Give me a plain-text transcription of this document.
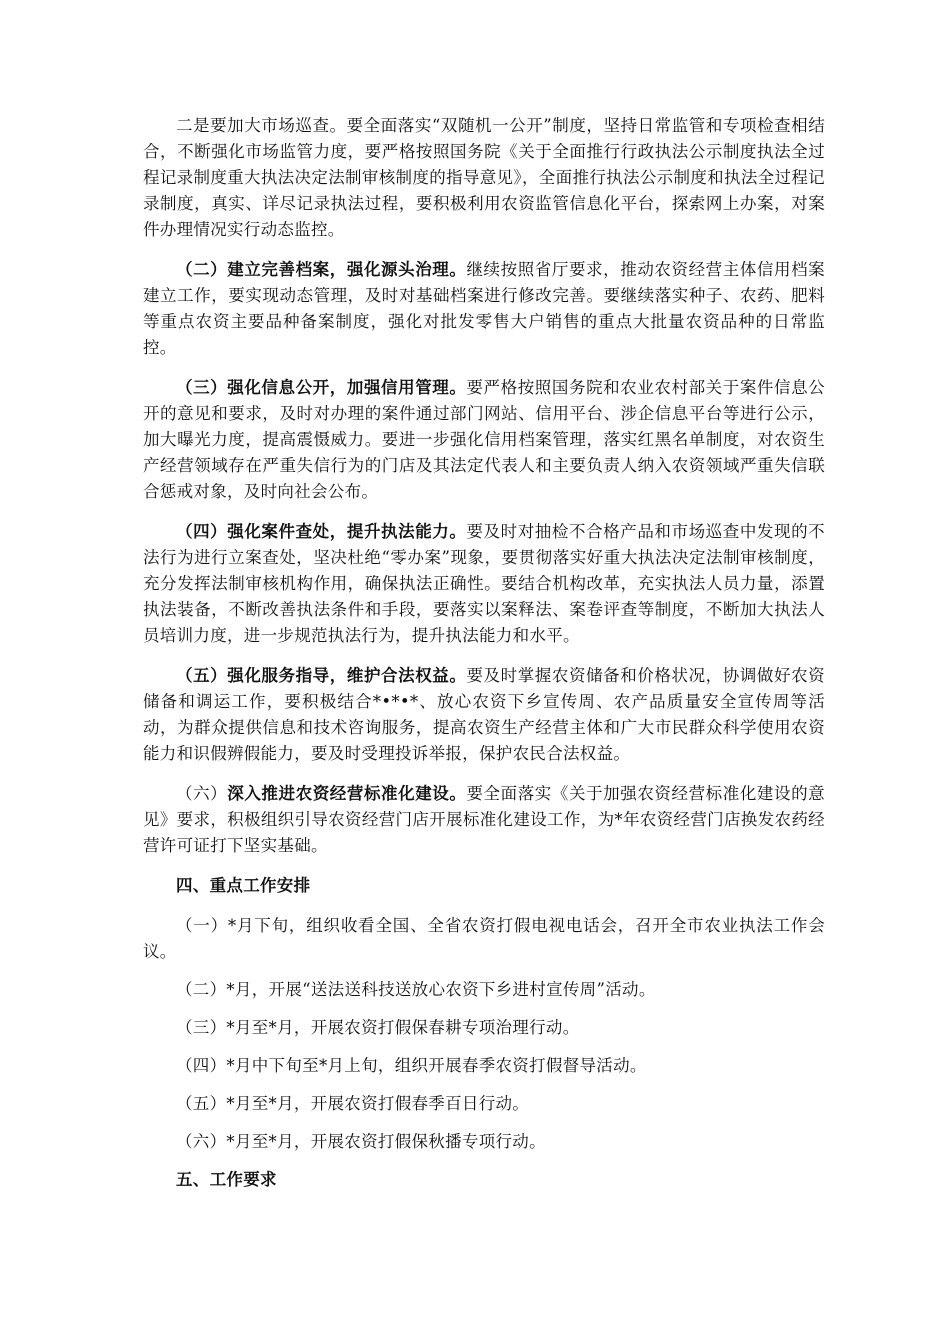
二是要加大市场巡查。要全面落实“双随机一公开”制度，坚持日常监管和专项检查相结合，不断强化市场监管力度，要严格按照国务院《关于全面推行行政执法公示制度执法全过程记录制度重大执法决定法制审核制度的指导意见》，全面推行执法公示制度和执法全过程记录制度，真实、详尽记录执法过程，要积极利用农资监管信息化平台，探索网上办案，对案件办理情况实行动态监控。

（二）建立完善档案，强化源头治理。继续按照省厅要求，推动农资经营主体信用档案建立工作，要实现动态管理，及时对基础档案进行修改完善。要继续落实种子、农药、肥料等重点农资主要品种备案制度，强化对批发零售大户销售的重点大批量农资品种的日常监控。

（三）强化信息公开，加强信用管理。要严格按照国务院和农业农村部关于案件信息公开的意见和要求，及时对办理的案件通过部门网站、信用平台、涉企信息平台等进行公示，加大曝光力度，提高震慑威力。要进一步强化信用档案管理，落实红黑名单制度，对农资生产经营领域存在严重失信行为的门店及其法定代表人和主要负责人纳入农资领域严重失信联合惩戒对象，及时向社会公布。

（四）强化案件查处，提升执法能力。要及时对抽检不合格产品和市场巡查中发现的不法行为进行立案查处，坚决杜绝“零办案”现象，要贯彻落实好重大执法决定法制审核制度，充分发挥法制审核机构作用，确保执法正确性。要结合机构改革，充实执法人员力量，添置执法装备，不断改善执法条件和手段，要落实以案释法、案卷评查等制度，不断加大执法人员培训力度，进一步规范执法行为，提升执法能力和水平。

（五）强化服务指导，维护合法权益。要及时掌握农资储备和价格状况，协调做好农资储备和调运工作，要积极结合*•*•*、放心农资下乡宣传周、农产品质量安全宣传周等活动，为群众提供信息和技术咨询服务，提高农资生产经营主体和广大市民群众科学使用农资能力和识假辨假能力，要及时受理投诉举报，保护农民合法权益。

（六）深入推进农资经营标准化建设。要全面落实《关于加强农资经营标准化建设的意见》要求，积极组织引导农资经营门店开展标准化建设工作，为*年农资经营门店换发农药经营许可证打下坚实基础。

四、重点工作安排

（一）*月下旬，组织收看全国、全省农资打假电视电话会，召开全市农业执法工作会议。

（二）*月，开展“送法送科技送放心农资下乡进村宣传周”活动。

（三）*月至*月，开展农资打假保春耕专项治理行动。

（四）*月中下旬至*月上旬，组织开展春季农资打假督导活动。

（五）*月至*月，开展农资打假春季百日行动。

（六）*月至*月，开展农资打假保秋播专项行动。

五、工作要求
